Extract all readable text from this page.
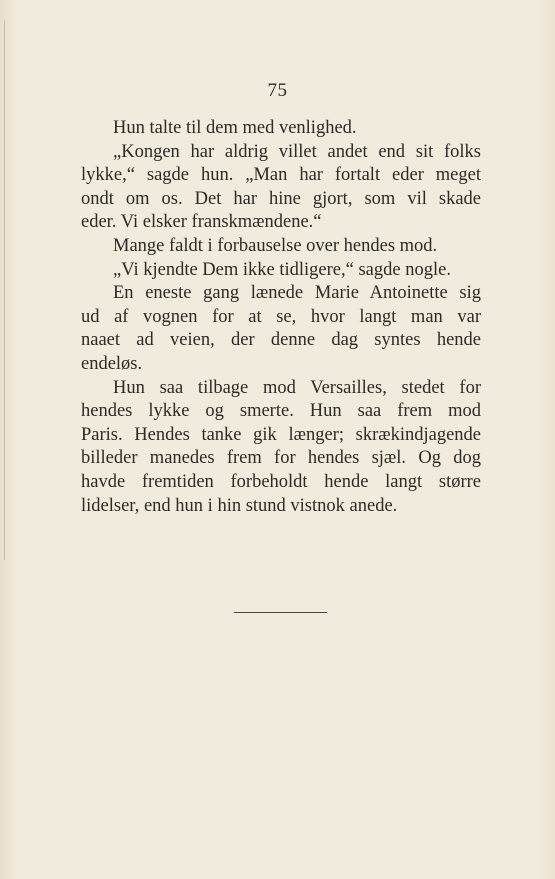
75
Hun talte til dem med venlighed.
„Kongen har aldrig villet andet end sit folks
lykke,“ sagde hun. „Man har fortalt eder meget
ondt om os. Det har hine gjort, som vil skade
eder. Vi elsker franskmændene.“
Mange faldt i forbauselse over hendes mod.
„Vi kjendte Dem ikke tidligere,“ sagde nogle.
En eneste gang lænede Marie Antoinette sig
ud af vognen for at se, hvor langt man var
naaet ad veien, der denne dag syntes hende
endeløs.
Hun saa tilbage mod Versailles, stedet for
hendes lykke og smerte. Hun saa frem mod
Paris. Hendes tanke gik længer; skrækindjagende
billeder manedes frem for hendes sjæl. Og dog
havde fremtiden forbeholdt hende langt større
lidelser, end hun i hin stund vistnok anede.
